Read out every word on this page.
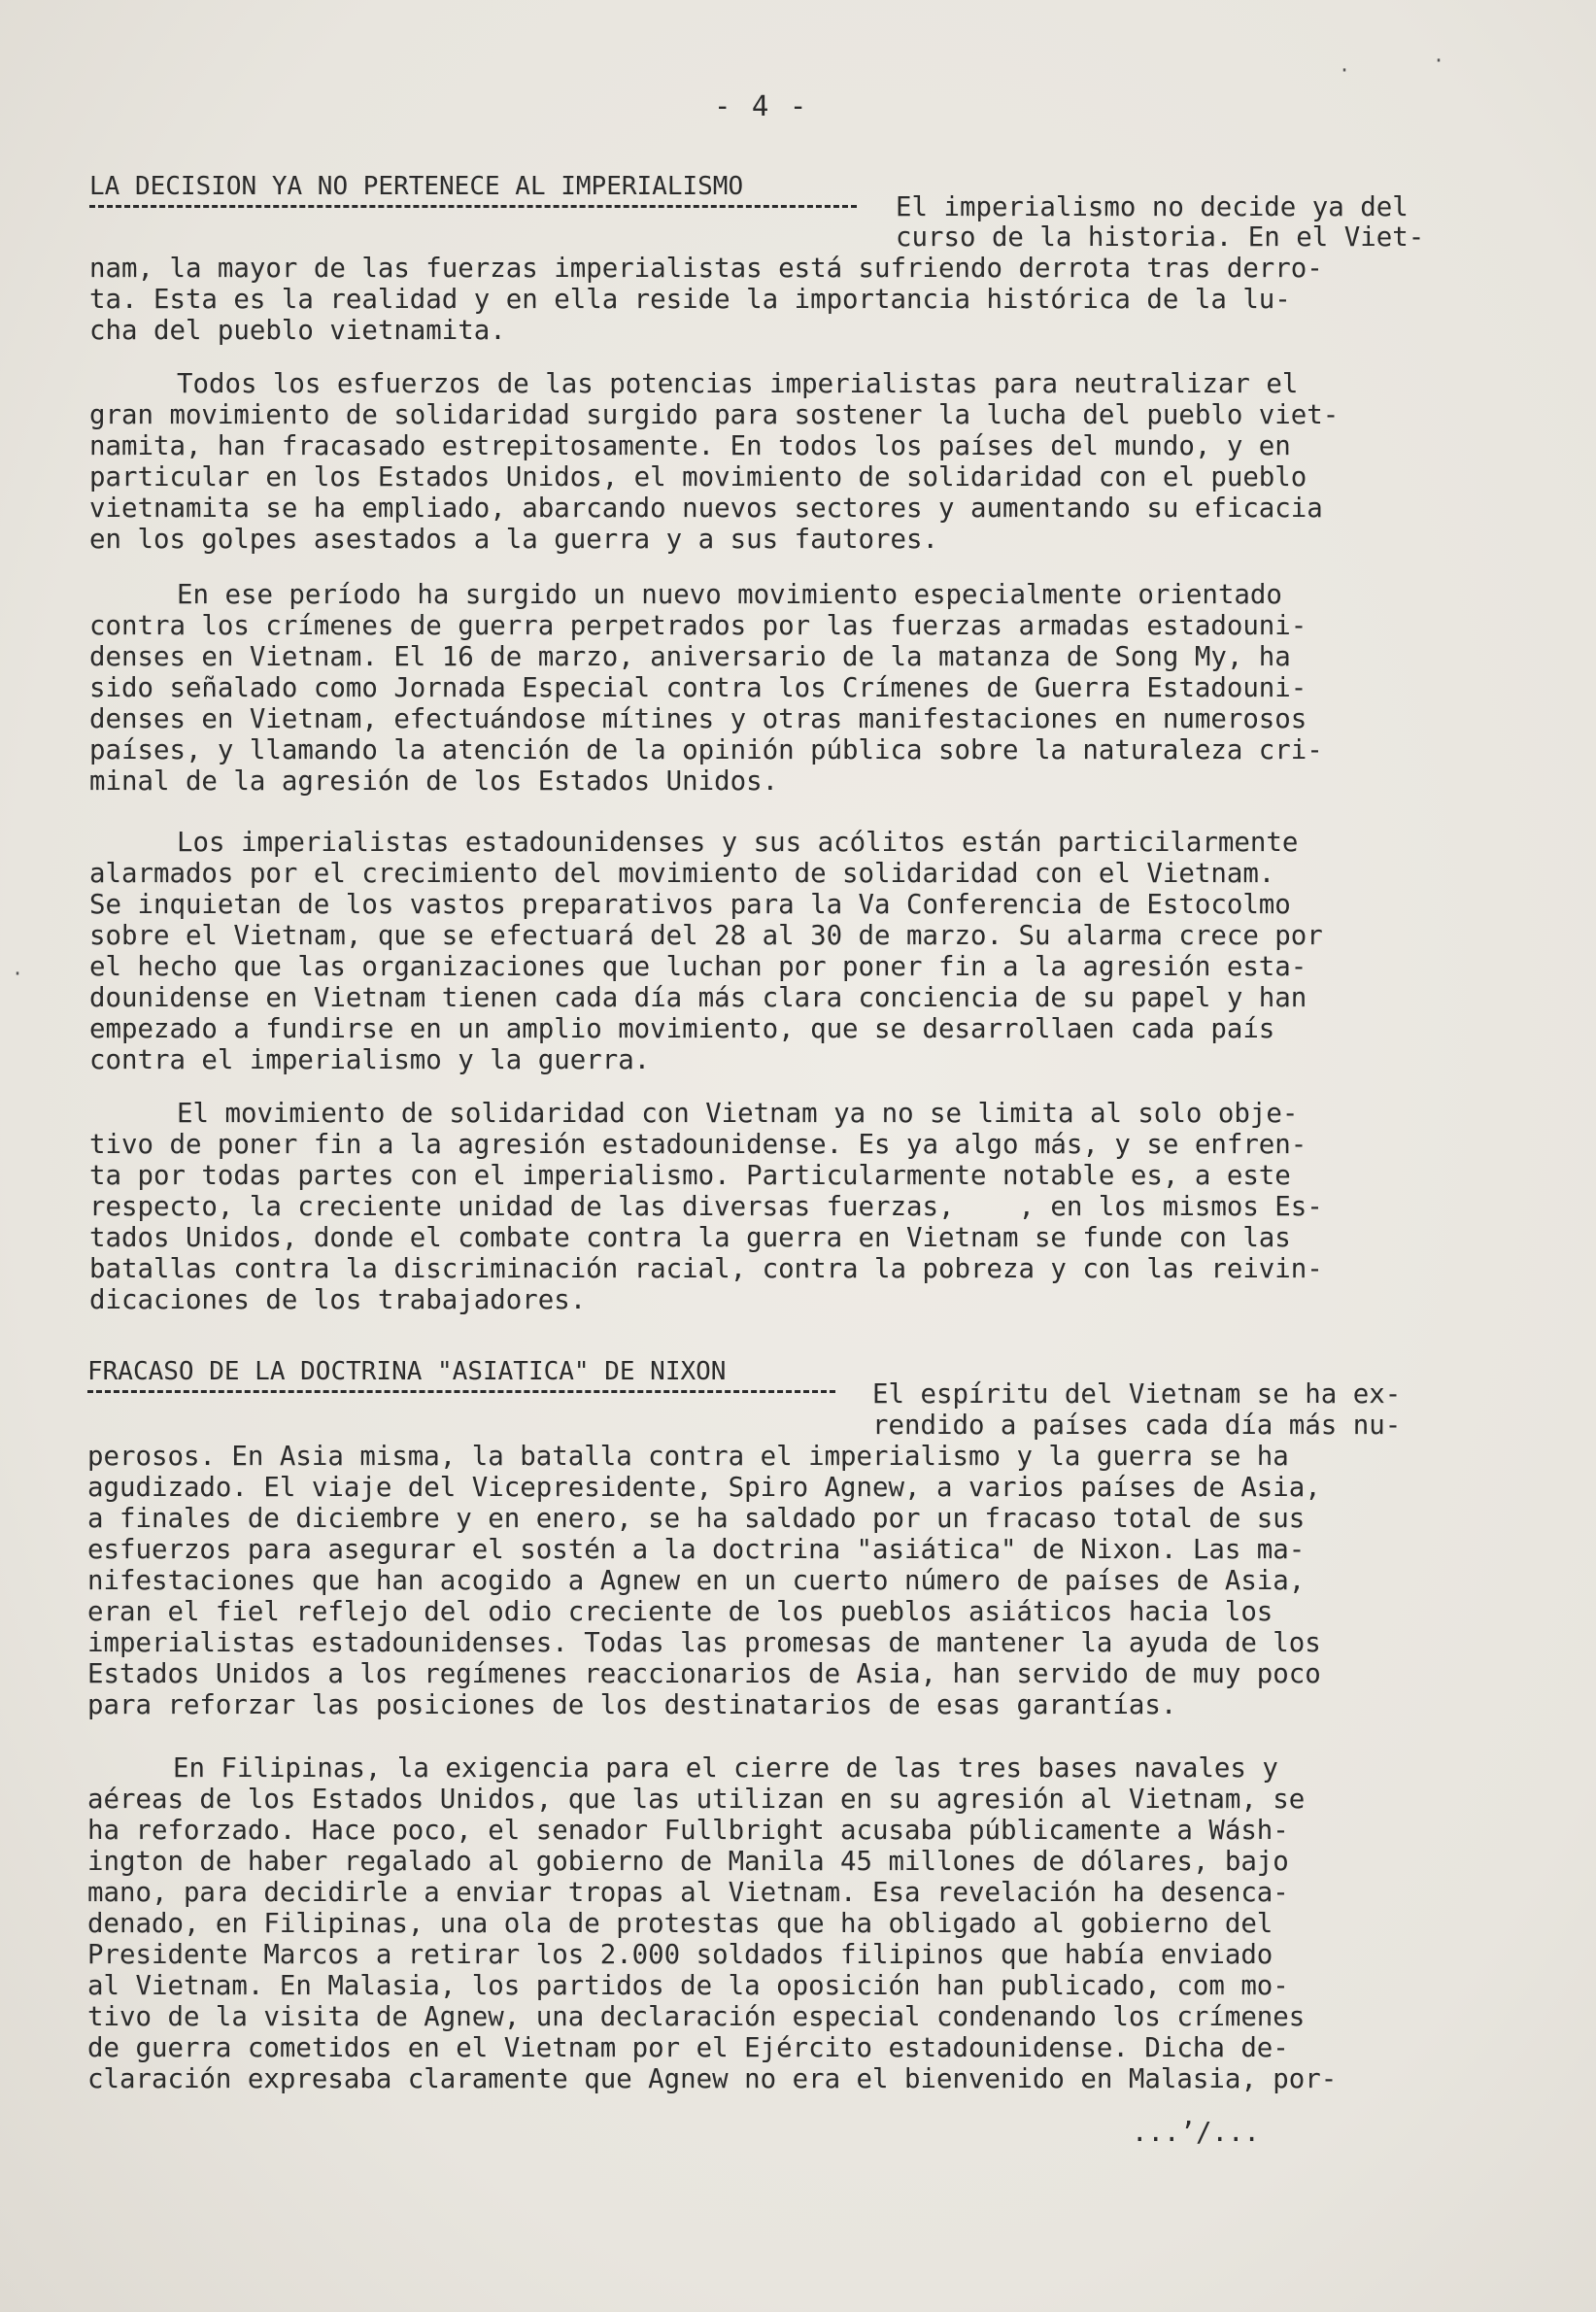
- 4 -
LA DECISION YA NO PERTENECE AL IMPERIALISMO
El imperialismo no decide ya del
curso de la historia. En el Viet-
nam, la mayor de las fuerzas imperialistas está sufriendo derrota tras derro-
ta. Esta es la realidad y en ella reside la importancia histórica de la lu-
cha del pueblo vietnamita.
Todos los esfuerzos de las potencias imperialistas para neutralizar el
gran movimiento de solidaridad surgido para sostener la lucha del pueblo viet-
namita, han fracasado estrepitosamente. En todos los países del mundo, y en
particular en los Estados Unidos, el movimiento de solidaridad con el pueblo
vietnamita se ha empliado, abarcando nuevos sectores y aumentando su eficacia
en los golpes asestados a la guerra y a sus fautores.
En ese período ha surgido un nuevo movimiento especialmente orientado
contra los crímenes de guerra perpetrados por las fuerzas armadas estadouni-
denses en Vietnam. El 16 de marzo, aniversario de la matanza de Song My, ha
sido señalado como Jornada Especial contra los Crímenes de Guerra Estadouni-
denses en Vietnam, efectuándose mítines y otras manifestaciones en numerosos
países, y llamando la atención de la opinión pública sobre la naturaleza cri-
minal de la agresión de los Estados Unidos.
Los imperialistas estadounidenses y sus acólitos están particilarmente
alarmados por el crecimiento del movimiento de solidaridad con el Vietnam.
Se inquietan de los vastos preparativos para la Va Conferencia de Estocolmo
sobre el Vietnam, que se efectuará del 28 al 30 de marzo. Su alarma crece por
el hecho que las organizaciones que luchan por poner fin a la agresión esta-
dounidense en Vietnam tienen cada día más clara conciencia de su papel y han
empezado a fundirse en un amplio movimiento, que se desarrollaen cada país
contra el imperialismo y la guerra.
El movimiento de solidaridad con Vietnam ya no se limita al solo obje-
tivo de poner fin a la agresión estadounidense. Es ya algo más, y se enfren-
ta por todas partes con el imperialismo. Particularmente notable es, a este
respecto, la creciente unidad de las diversas fuerzas,    , en los mismos Es-
tados Unidos, donde el combate contra la guerra en Vietnam se funde con las
batallas contra la discriminación racial, contra la pobreza y con las reivin-
dicaciones de los trabajadores.
FRACASO DE LA DOCTRINA "ASIATICA" DE NIXON
El espíritu del Vietnam se ha ex-
rendido a países cada día más nu-
perosos. En Asia misma, la batalla contra el imperialismo y la guerra se ha
agudizado. El viaje del Vicepresidente, Spiro Agnew, a varios países de Asia,
a finales de diciembre y en enero, se ha saldado por un fracaso total de sus
esfuerzos para asegurar el sostén a la doctrina "asiática" de Nixon. Las ma-
nifestaciones que han acogido a Agnew en un cuerto número de países de Asia,
eran el fiel reflejo del odio creciente de los pueblos asiáticos hacia los
imperialistas estadounidenses. Todas las promesas de mantener la ayuda de los
Estados Unidos a los regímenes reaccionarios de Asia, han servido de muy poco
para reforzar las posiciones de los destinatarios de esas garantías.
En Filipinas, la exigencia para el cierre de las tres bases navales y
aéreas de los Estados Unidos, que las utilizan en su agresión al Vietnam, se
ha reforzado. Hace poco, el senador Fullbright acusaba públicamente a Wásh-
ington de haber regalado al gobierno de Manila 45 millones de dólares, bajo
mano, para decidirle a enviar tropas al Vietnam. Esa revelación ha desenca-
denado, en Filipinas, una ola de protestas que ha obligado al gobierno del
Presidente Marcos a retirar los 2.000 soldados filipinos que había enviado
al Vietnam. En Malasia, los partidos de la oposición han publicado, com mo-
tivo de la visita de Agnew, una declaración especial condenando los crímenes
de guerra cometidos en el Vietnam por el Ejército estadounidense. Dicha de-
claración expresaba claramente que Agnew no era el bienvenido en Malasia, por-
...’/...
·	·
·
